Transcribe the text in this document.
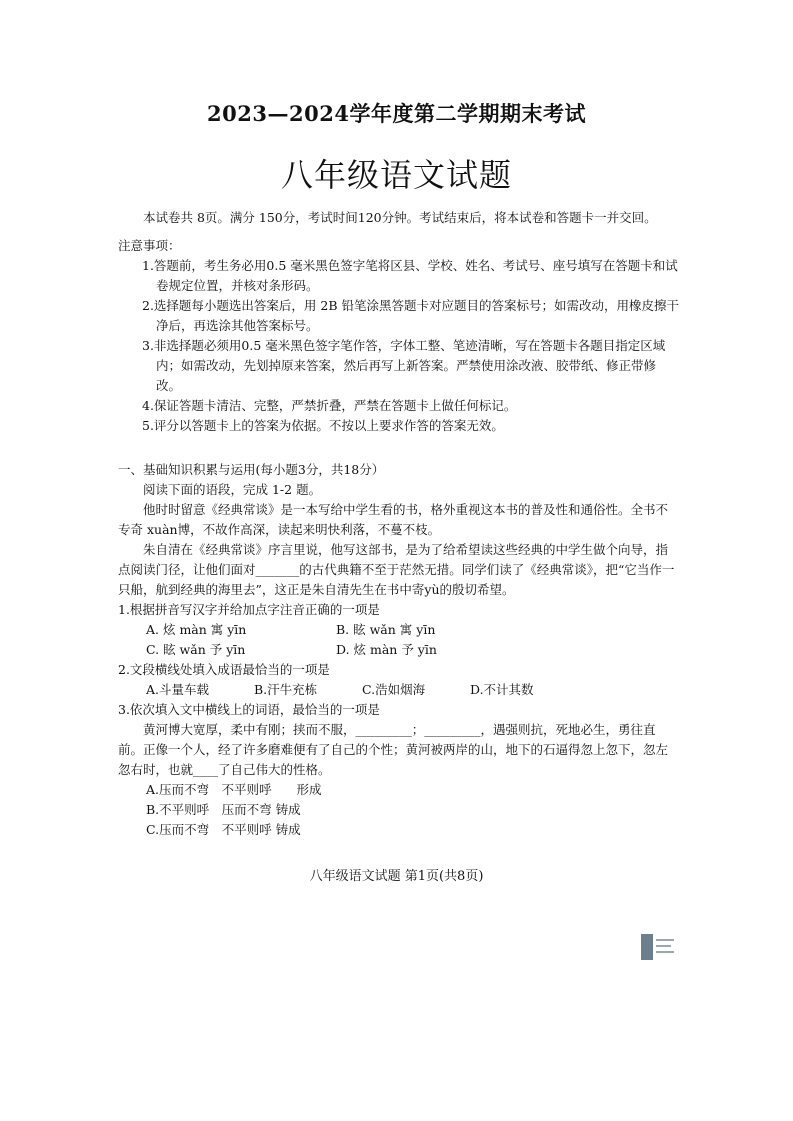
2023—2024学年度第二学期期末考试
八年级语文试题

本试卷共 8页。满分 150分，考试时间120分钟。考试结束后，将本试卷和答题卡一并交回。

注意事项：

1.答题前，考生务必用0.5 毫米黑色签字笔将区县、学校、姓名、考试号、座号填写在答题卡和试卷规定位置，并核对条形码。

2.选择题每小题选出答案后，用 2B 铅笔涂黑答题卡对应题目的答案标号；如需改动，用橡皮擦干净后，再选涂其他答案标号。

3.非选择题必须用0.5 毫米黑色签字笔作答，字体工整、笔迹清晰，写在答题卡各题目指定区域内；如需改动，先划掉原来答案，然后再写上新答案。严禁使用涂改液、胶带纸、修正带修改。

4.保证答题卡清洁、完整，严禁折叠，严禁在答题卡上做任何标记。

5.评分以答题卡上的答案为依据。不按以上要求作答的答案无效。

一、基础知识积累与运用(每小题3分，共18分）

阅读下面的语段，完成 1-2 题。

他时时留意《经典常谈》是一本写给中学生看的书，格外重视这本书的普及性和通俗性。全书不专奇 xuàn博，不故作高深，读起来明快利落，不蔓不枝。

朱自清在《经典常谈》序言里说，他写这部书，是为了给希望读这些经典的中学生做个向导，指点阅读门径，让他们面对_______的古代典籍不至于茫然无措。同学们读了《经典常谈》，把“它当作一只船，航到经典的海里去”，这正是朱自清先生在书中寄yù的殷切希望。

1.根据拼音写汉字并给加点字注音正确的一项是

A. 炫 màn 寓 yīn	B. 眩 wǎn 寓 yīn
C. 眩 wǎn 予 yīn	D. 炫 màn 予 yīn

2.文段横线处填入成语最恰当的一项是

A.斗量车载	B.汗牛充栋	C.浩如烟海	D.不计其数

3.依次填入文中横线上的词语，最恰当的一项是

黄河博大宽厚，柔中有刚；挟而不服，_________；_________，遇强则抗，死地必生，勇往直前。正像一个人，经了许多磨难便有了自己的个性；黄河被两岸的山，地下的石逼得忽上忽下，忽左忽右时，也就____了自己伟大的性格。

A.压而不弯　不平则呼　　形成

B.不平则呼　压而不弯 铸成

C.压而不弯　不平则呼 铸成

八年级语文试题 第1页(共8页)
